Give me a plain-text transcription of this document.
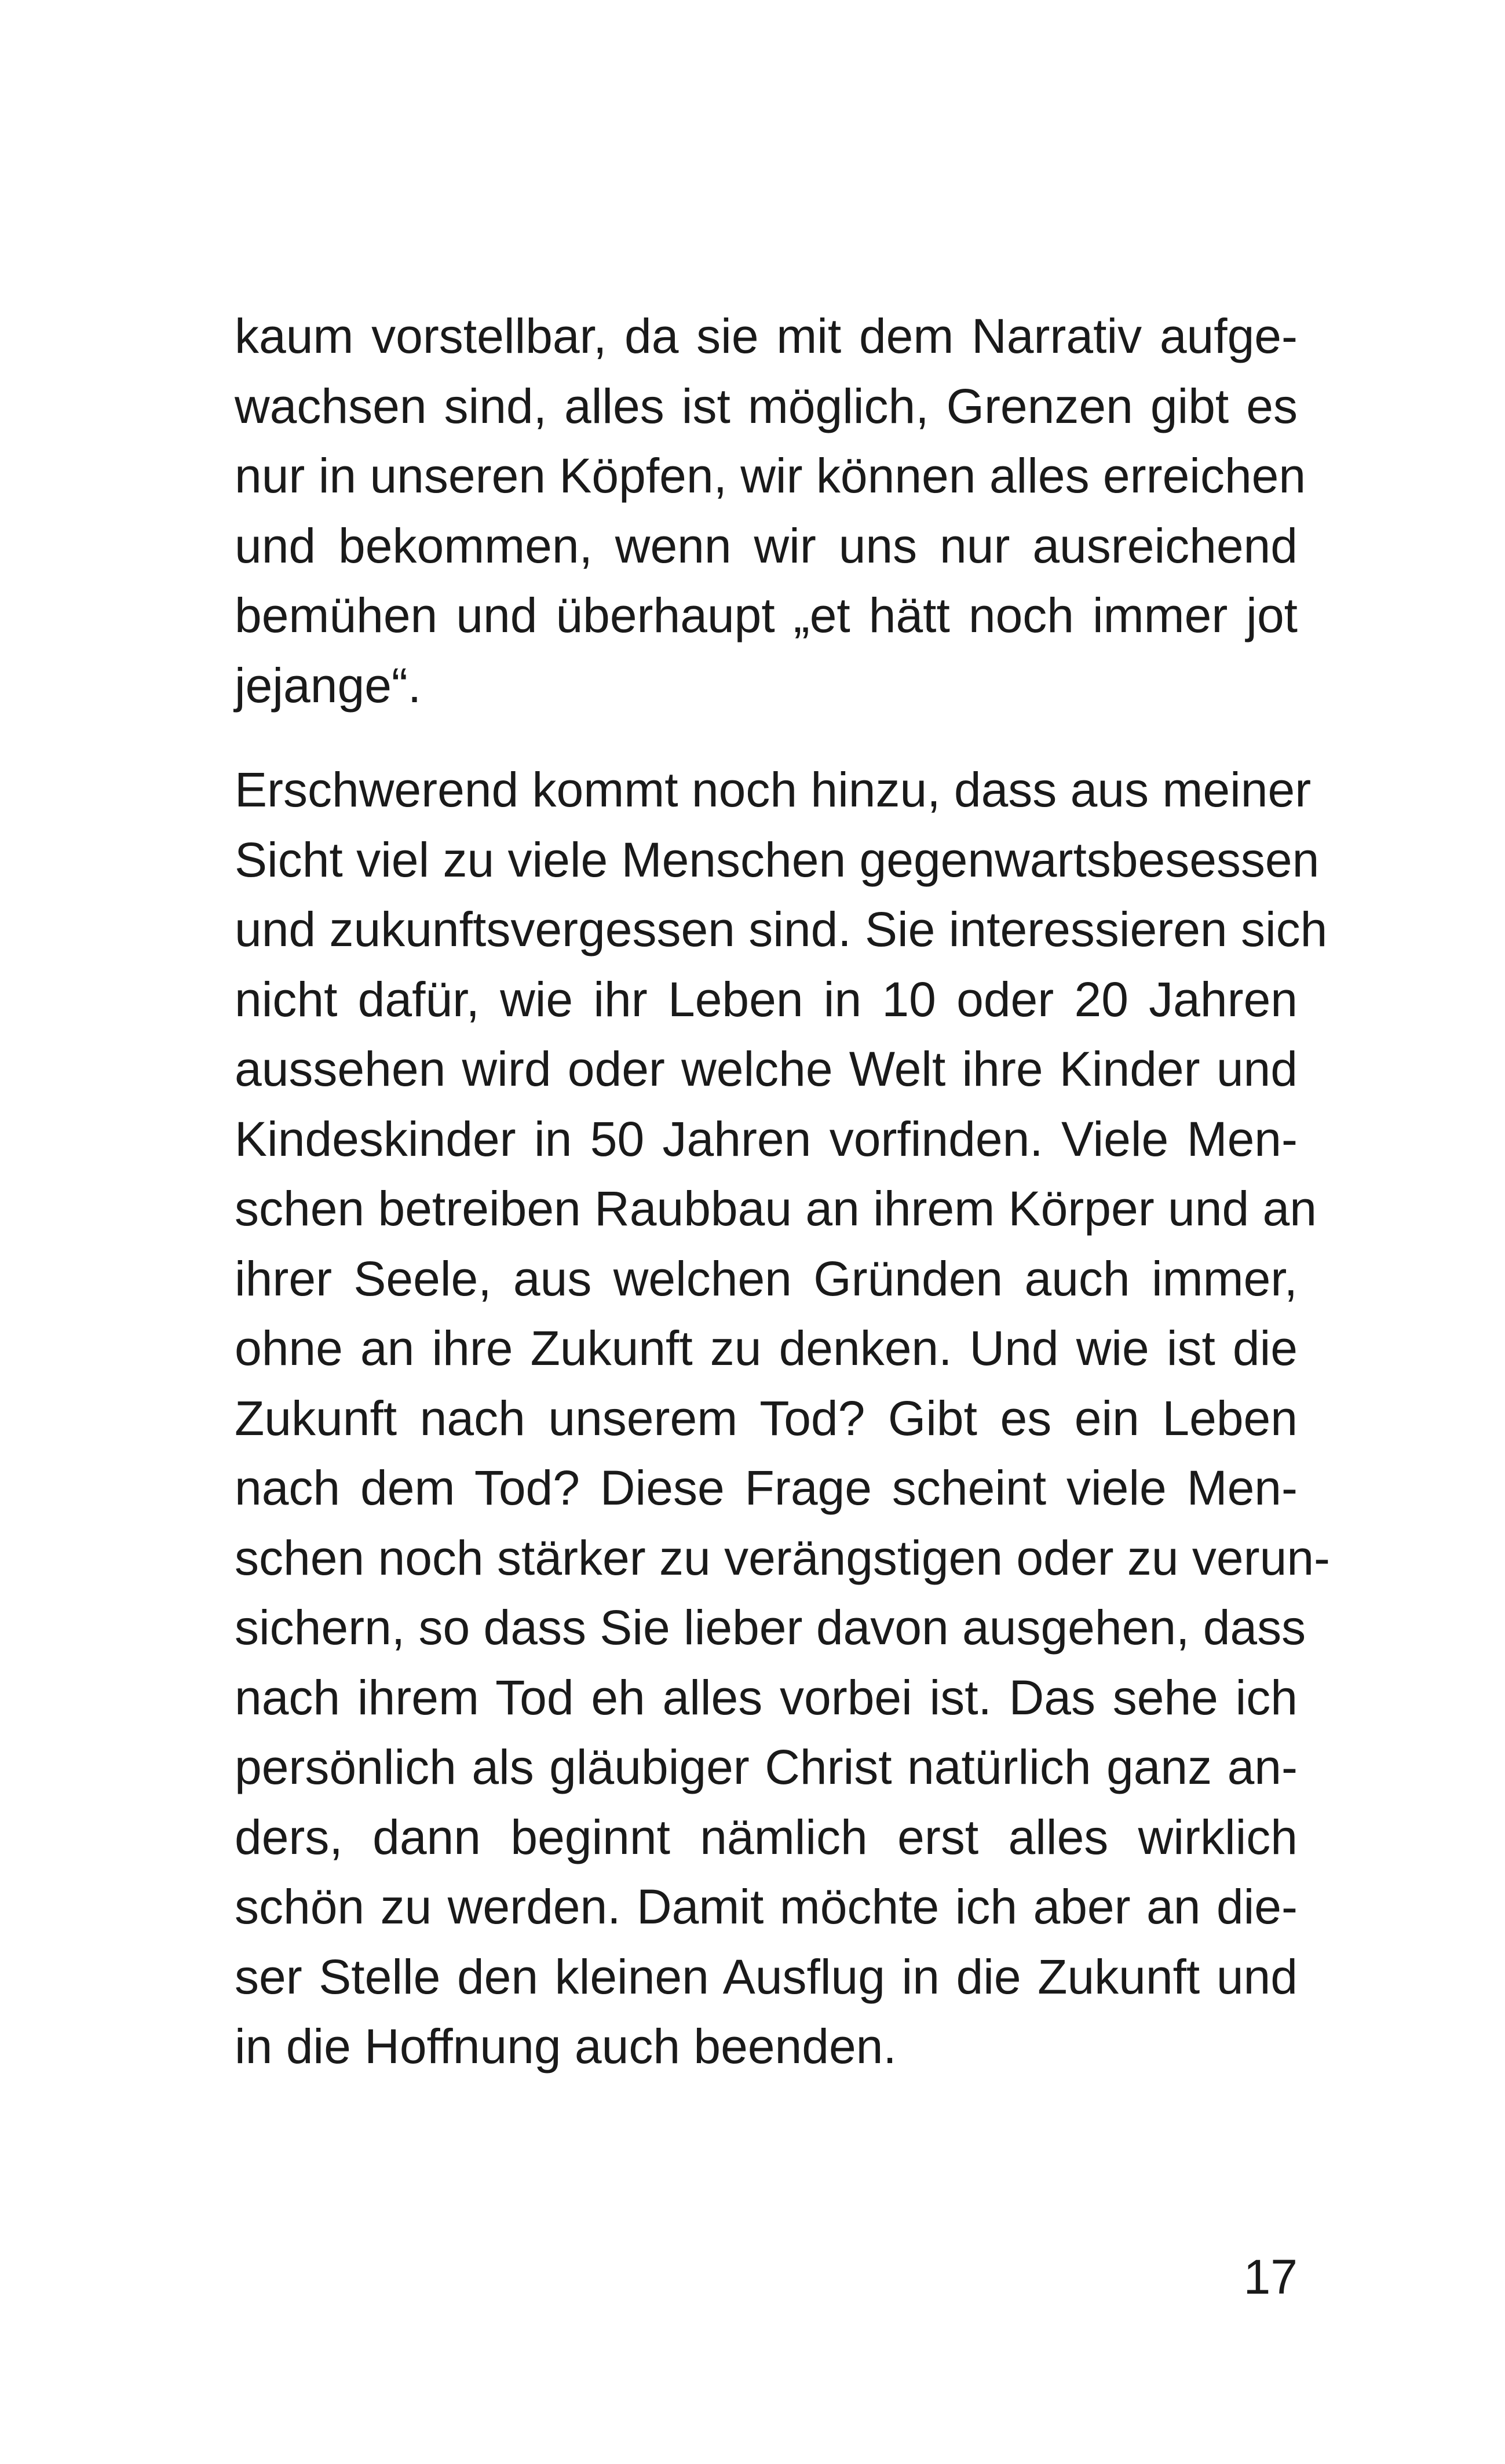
kaum vorstellbar, da sie mit dem Narrativ aufge-
wachsen sind, alles ist möglich, Grenzen gibt es
nur in unseren Köpfen, wir können alles erreichen
und bekommen, wenn wir uns nur ausreichend
bemühen und überhaupt „et hätt noch immer jot
jejange“.

Erschwerend kommt noch hinzu, dass aus meiner
Sicht viel zu viele Menschen gegenwartsbesessen
und zukunftsvergessen sind. Sie interessieren sich
nicht dafür, wie ihr Leben in 10 oder 20 Jahren
aussehen wird oder welche Welt ihre Kinder und
Kindeskinder in 50 Jahren vorfinden. Viele Men-
schen betreiben Raubbau an ihrem Körper und an
ihrer Seele, aus welchen Gründen auch immer,
ohne an ihre Zukunft zu denken. Und wie ist die
Zukunft nach unserem Tod? Gibt es ein Leben
nach dem Tod? Diese Frage scheint viele Men-
schen noch stärker zu verängstigen oder zu verun-
sichern, so dass Sie lieber davon ausgehen, dass
nach ihrem Tod eh alles vorbei ist. Das sehe ich
persönlich als gläubiger Christ natürlich ganz an-
ders, dann beginnt nämlich erst alles wirklich
schön zu werden. Damit möchte ich aber an die-
ser Stelle den kleinen Ausflug in die Zukunft und
in die Hoffnung auch beenden.

17
